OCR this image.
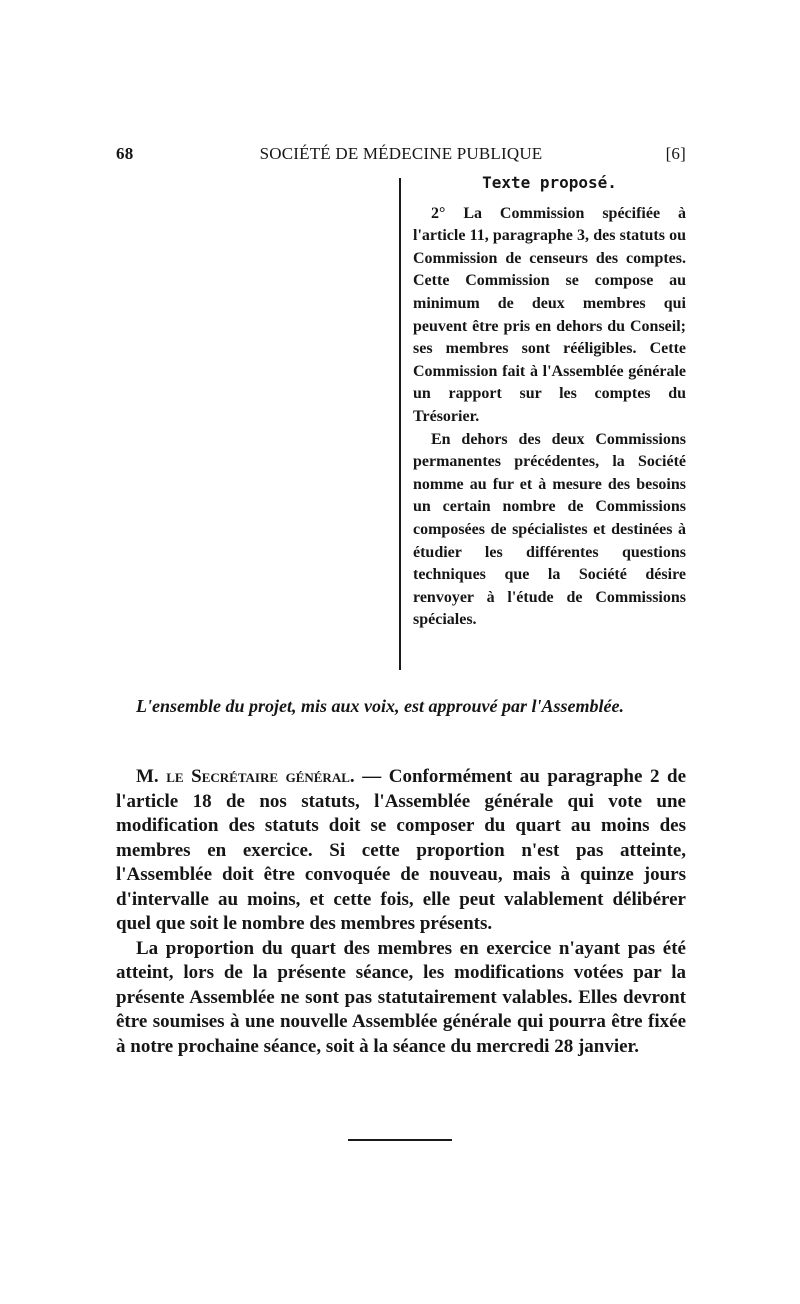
68	SOCIÉTÉ DE MÉDECINE PUBLIQUE	[6]
Texte proposé.

2° La Commission spécifiée à l'article 11, paragraphe 3, des statuts ou Commission de censeurs des comptes. Cette Commission se compose au minimum de deux membres qui peuvent être pris en dehors du Conseil; ses membres sont rééligibles. Cette Commission fait à l'Assemblée générale un rapport sur les comptes du Trésorier.

En dehors des deux Commissions permanentes précédentes, la Société nomme au fur et à mesure des besoins un certain nombre de Commissions composées de spécialistes et destinées à étudier les différentes questions techniques que la Société désire renvoyer à l'étude de Commissions spéciales.

L'ensemble du projet, mis aux voix, est approuvé par l'Assemblée.

M. le Secrétaire général. — Conformément au paragraphe 2 de l'article 18 de nos statuts, l'Assemblée générale qui vote une modification des statuts doit se composer du quart au moins des membres en exercice. Si cette proportion n'est pas atteinte, l'Assemblée doit être convoquée de nouveau, mais à quinze jours d'intervalle au moins, et cette fois, elle peut valablement délibérer quel que soit le nombre des membres présents.

La proportion du quart des membres en exercice n'ayant pas été atteint, lors de la présente séance, les modifications votées par la présente Assemblée ne sont pas statutairement valables. Elles devront être soumises à une nouvelle Assemblée générale qui pourra être fixée à notre prochaine séance, soit à la séance du mercredi 28 janvier.
